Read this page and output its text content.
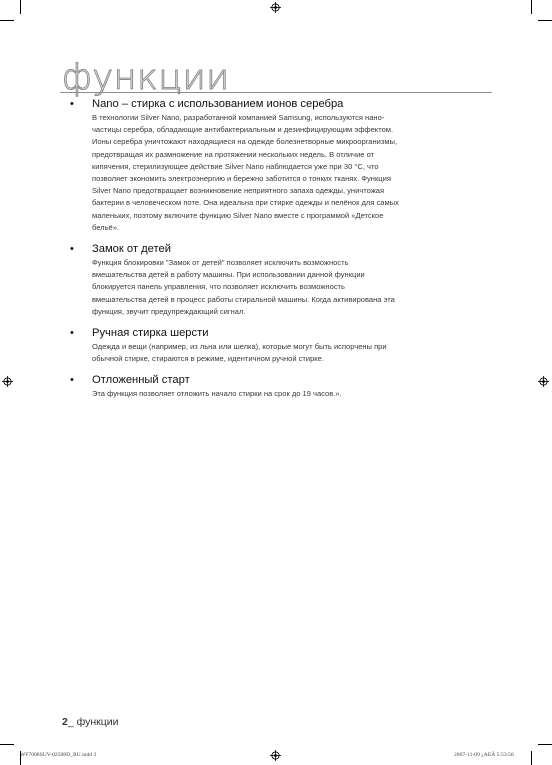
функции
• Nano – стирка с использованием ионов серебра
В технологии Silver Nano, разработанной компанией Samsung, используются нано-
частицы серебра, обладающие антибактериальным и дезинфицирующим эффектом.
Ионы серебра уничтожают находящиеся на одежде болезнетворные микроорганизмы,
предотвращая их размножение на протяжении нескольких недель. В отличие от
кипячения, стерилизующее действие Silver Nano наблюдается уже при 30 °C, что
позволяет экономить электроэнергию и бережно заботится о тонких тканях. Функция
Silver Nano предотвращает возникновение неприятного запаха одежды, уничтожая
бактерии в человеческом поте. Она идеальна при стирке одежды и пелёнок для самых
маленьких, поэтому включите функцию Silver Nano вместе с программой «Детское
бельё».
• Замок от детей
Функция блокировки "Замок от детей" позволяет исключить возможность
вмешательства детей в работу машины. При использовании данной функции
блокируется панель управления, что позволяет исключить возможность
вмешательства детей в процесс работы стиральной машины. Когда активирована эта
функция, звучит предупреждающий сигнал.
• Ручная стирка шерсти
Одежда и вещи (например, из льна или шелка), которые могут быть испорчены при
обычной стирке, стираются в режиме, идентичном ручной стирке.
• Отложенный старт
Эта функция позволяет отложить начало стирки на срок до 19 часов.».
2_ функции
WF7008SUV-02508D_RU.indd 2	2007-11-09 ¿AEÄ 5:53:56
